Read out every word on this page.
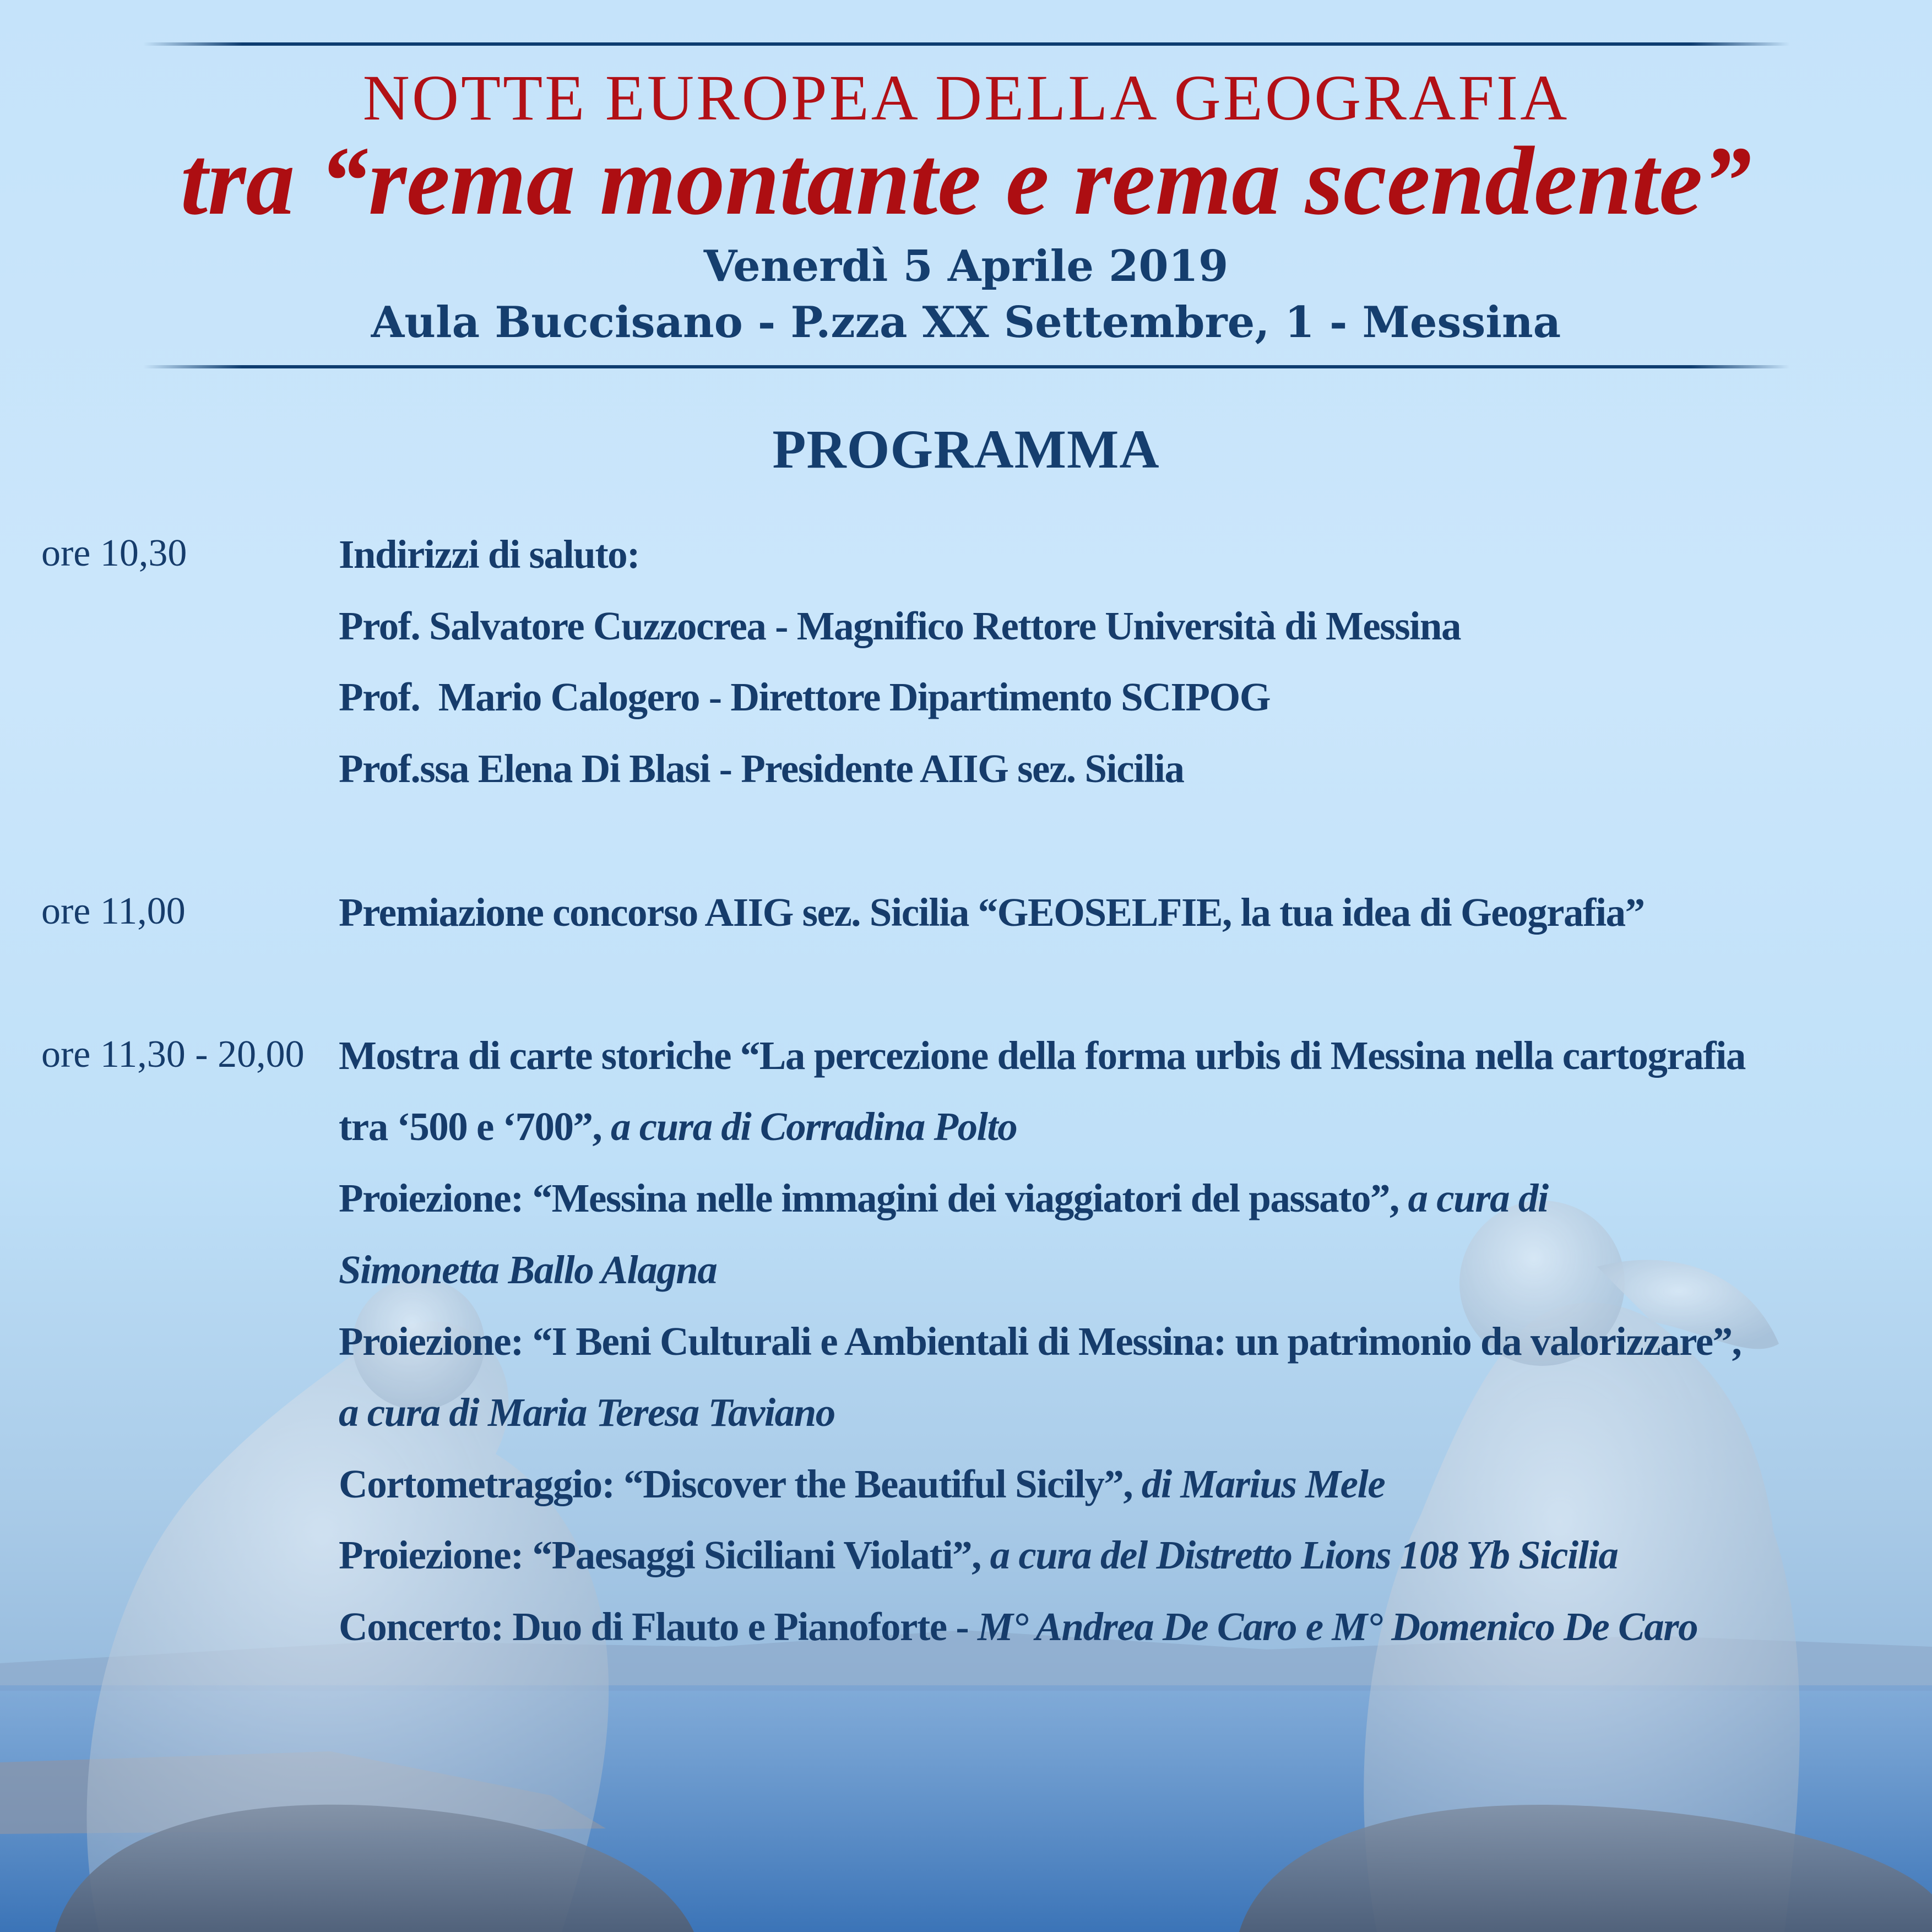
NOTTE EUROPEA DELLA GEOGRAFIA
tra “rema montante e rema scendente”
Venerdì 5 Aprile 2019
Aula Buccisano - P.zza XX Settembre, 1 - Messina
PROGRAMMA
ore 10,30	Indirizzi di saluto:
Prof. Salvatore Cuzzocrea - Magnifico Rettore Università di Messina
Prof.  Mario Calogero - Direttore Dipartimento SCIPOG
Prof.ssa Elena Di Blasi - Presidente AIIG sez. Sicilia
ore 11,00	Premiazione concorso AIIG sez. Sicilia “GEOSELFIE, la tua idea di Geografia”
ore 11,30 - 20,00 Mostra di carte storiche “La percezione della forma urbis di Messina nella cartografia
tra ‘500 e ‘700”, a cura di Corradina Polto
Proiezione: “Messina nelle immagini dei viaggiatori del passato”, a cura di
Simonetta Ballo Alagna
Proiezione: “I Beni Culturali e Ambientali di Messina: un patrimonio da valorizzare”,
a cura di Maria Teresa Taviano
Cortometraggio: “Discover the Beautiful Sicily”, di Marius Mele
Proiezione: “Paesaggi Siciliani Violati”, a cura del Distretto Lions 108 Yb Sicilia
Concerto: Duo di Flauto e Pianoforte - M° Andrea De Caro e M° Domenico De Caro
